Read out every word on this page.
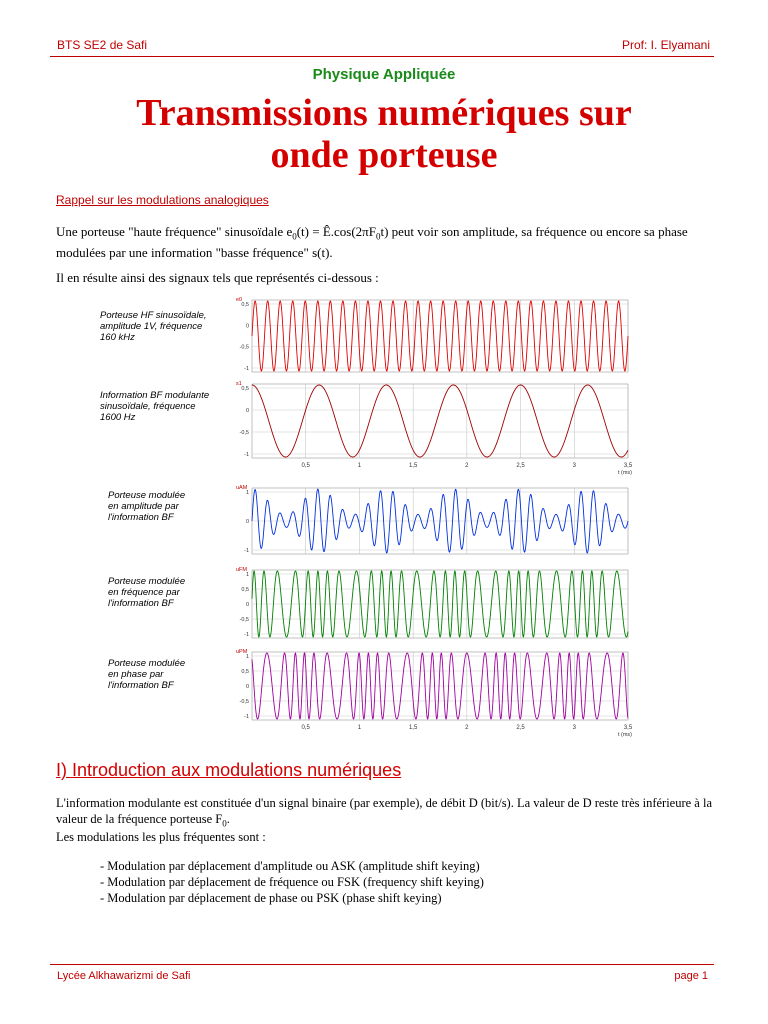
BTS SE2 de Safi	Prof: I. Elyamani
Physique Appliquée
Transmissions numériques sur
onde porteuse
Rappel sur les modulations analogiques
Une porteuse "haute fréquence" sinusoïdale $e_0(t)$ = $Ê.\cos(2\pi F_0t)$ peut voir son amplitude, sa fréquence ou encore sa phase modulées par une information "basse fréquence" s(t).
Il en résulte ainsi des signaux tels que représentés ci-dessous :
Porteuse HF sinusoïdale,
amplitude 1V, fréquence
160 kHz
Information BF modulante
sinusoïdale, fréquence
1600 Hz
Porteuse modulée
en amplitude par
l'information BF
Porteuse modulée
en fréquence par
l'information BF
Porteuse modulée
en phase par
l'information BF
0,5
0
-0,5
-1
e0
0,5
0
-0,5
-1
s1
1
0
-1
uAM
1
0,5
0
-0,5
-1
uFM
1
0,5
0
-0,5
-1
uPM
0,5	1	1,5	2	2,5	3	3,5
t (ms)
0,5	1	1,5	2	2,5	3	3,5
t (ms)
I) Introduction aux modulations numériques
L'information modulante est constituée d'un signal binaire (par exemple), de débit D (bit/s). La valeur de D reste très inférieure à la valeur de la fréquence porteuse $F_0$.
Les modulations les plus fréquentes sont :
- Modulation par déplacement d'amplitude ou ASK (amplitude shift keying)
- Modulation par déplacement de fréquence ou FSK (frequency shift keying)
- Modulation par déplacement de phase ou PSK (phase shift keying)
Lycée Alkhawarizmi de Safi	page 1
